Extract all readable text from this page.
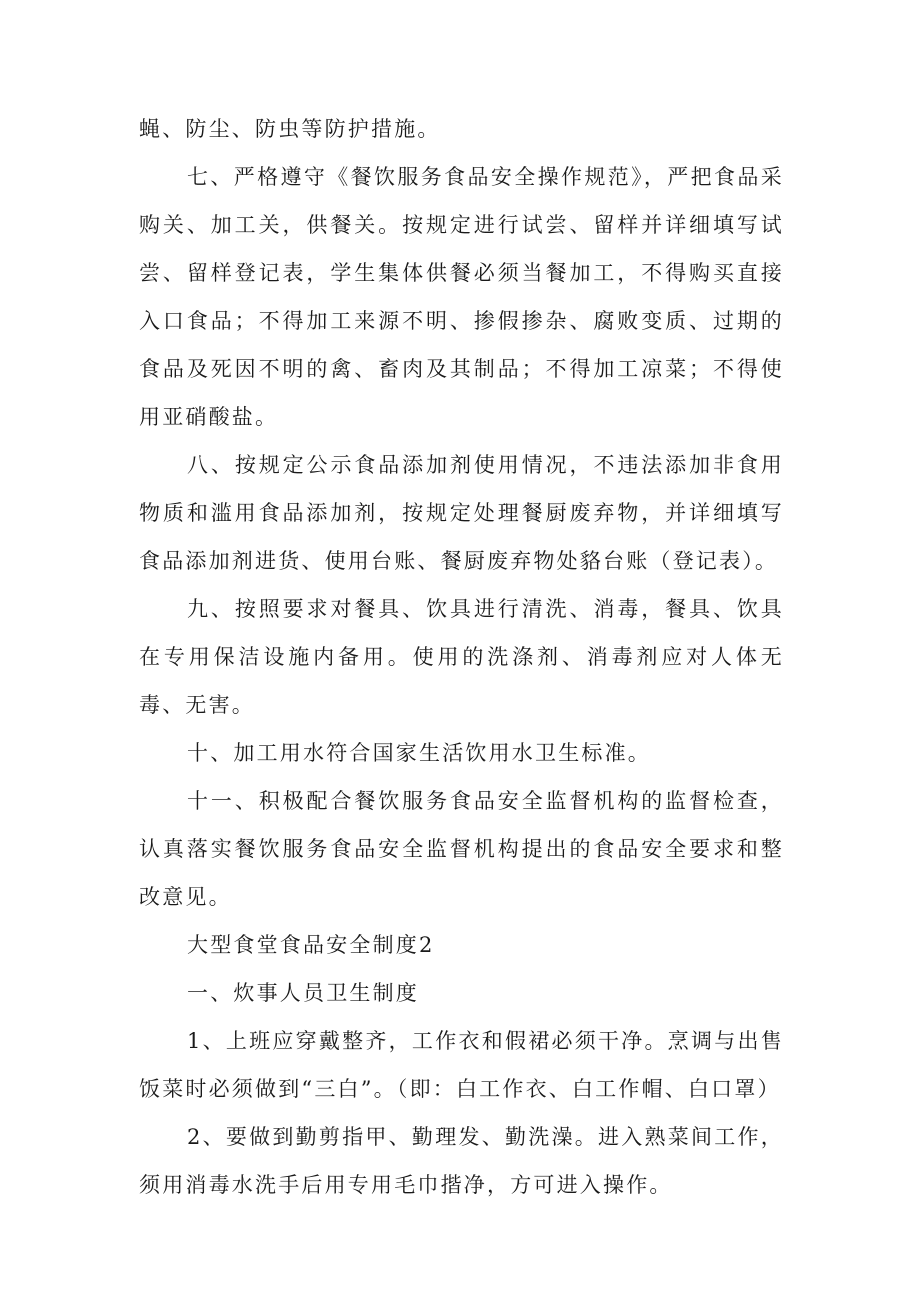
蝇、防尘、防虫等防护措施。

七、严格遵守《餐饮服务食品安全操作规范》，严把食品采购关、加工关，供餐关。按规定进行试尝、留样并详细填写试尝、留样登记表，学生集体供餐必须当餐加工，不得购买直接入口食品；不得加工来源不明、掺假掺杂、腐败变质、过期的食品及死因不明的禽、畜肉及其制品；不得加工凉菜；不得使用亚硝酸盐。

八、按规定公示食品添加剂使用情况，不违法添加非食用物质和滥用食品添加剂，按规定处理餐厨废弃物，并详细填写食品添加剂进货、使用台账、餐厨废弃物处貉台账（登记表）。

九、按照要求对餐具、饮具进行清洗、消毒，餐具、饮具在专用保洁设施内备用。使用的洗涤剂、消毒剂应对人体无毒、无害。

十、加工用水符合国家生活饮用水卫生标准。

十一、积极配合餐饮服务食品安全监督机构的监督检查，认真落实餐饮服务食品安全监督机构提出的食品安全要求和整改意见。

大型食堂食品安全制度2

一、炊事人员卫生制度

1、上班应穿戴整齐，工作衣和假裙必须干净。烹调与出售饭菜时必须做到“三白”。（即：白工作衣、白工作帽、白口罩）

2、要做到勤剪指甲、勤理发、勤洗澡。进入熟菜间工作，须用消毒水洗手后用专用毛巾揩净，方可进入操作。
